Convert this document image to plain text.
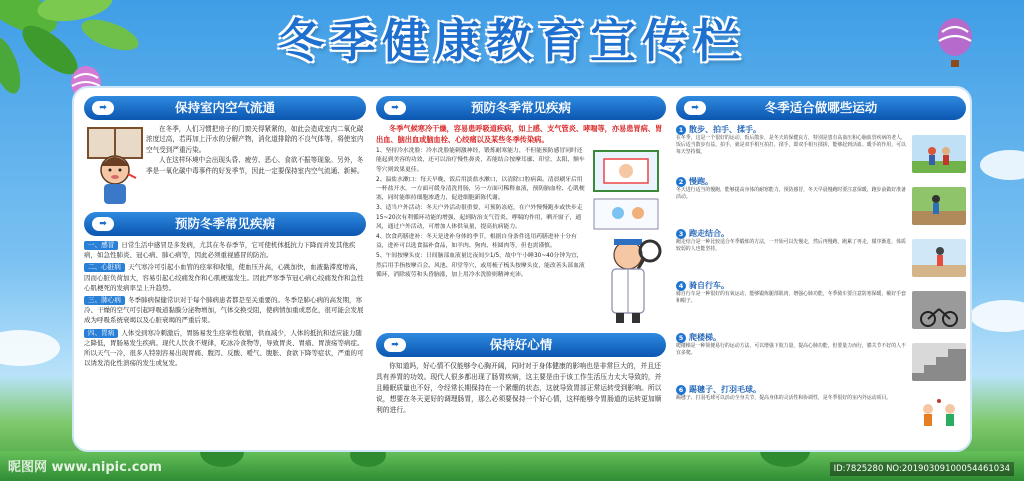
冬季健康教育宣传栏
➡	保持室内空气流通

在冬季，人们习惯把房子的门窗关得紧紧的，如此会造成室内二氧化碳浓度过高，若再加上汗水的分解产物，消化道排除的不良气体等，将使室内空气受到严重污染。

人在这样环境中会出现头昏、疲劳、恶心、食欲不振等现象。另外，冬季是一氧化碳中毒事件的好发季节，因此一定要保持室内空气流通、新鲜。

➡	预防冬季常见疾病

一、感冒 日常生活中感冒是多发病，尤其在冬春季节，它可使机体抵抗力下降而并发其他疾病，如急性肺炎、冠心病、肺心病等，因此必须重视感冒的防治。

二、心脏病 天气寒冷可引起小血管的痉挛和收缩，使血压升高，心跳加快，血液黏滞度增高，因而心脏负荷加大，容易引起心绞痛发作和心肌梗塞发生。因此严寒季节冠心病心绞痛发作和急性心肌梗死的发病率呈上升趋势。

三、肺心病 冬季肺病保健常识对于每个肺病患者都是至关重要的。冬季是肺心病的高发期，寒冷、干燥的空气可引起呼吸道黏膜分泌物增加，气体交换受阻，使病情加重或恶化，很可能会发展成为呼吸系统衰竭以及心脏衰竭的严重后果。

四、胃病 人体受到寒冷刺激后，胃肠易发生痉挛性收缩，供血减少，人体的抵抗和适应能力随之降低，胃肠易发生疾病。现代人饮食不规律，吃冰冷食物等，导致胃炎、胃痛、胃溃疡等病症。所以天气一冷，很多人特别容易出现胃痛、腹泻、反酸、嗳气、腹胀、食欲下降等症状，严重的可以诱发消化性溃疡的发生或复发。

➡	预防冬季常见疾病

冬季气候寒冷干燥，容易患呼吸道疾病，如上感、支气管炎、哮喘等，亦易患胃病、胃出血、脑出血或脑血栓、心绞痛以及某些冬季传染病。

1、坚持冷水洗脸：冷水洗脸能刺激神经，锻炼耐寒能力，不但能预防感冒同时还能起到美容的功效，还可以治疗慢性鼻炎，若能结合按摩耳廓、印堂、太阳、额车等穴则效果更佳。

2、温盐水漱口：每天早晚、饭后用淡盐水漱口，以清除口腔病菌。清晨刷牙后用一杯盐开水，一方面可缓身清洗胃肠，另一方面可稀释血液，预防脑血栓、心肌梗塞，同时能维持细胞渗透力，促进细胞新陈代谢。

3、适当户外活动：冬天户外活动很重要，可预防冻疮，在户外慢慢跑步或快步走15~20次有利循环功能的增强，起到防治支气管炎、哮喘的作用，晒开窗子，通风，通过户外活动，可增加人体供氧量，提高抗病能力。

4、饮食药膳进补：冬天是进补身体的季节，根据自身条件选用药膳进补十分有益，进补可以选食温补食品，如羊肉、狗肉、桂圆肉等，但也需谨慎。

5、午间按摩头皮：日间脑部血液量比夜间少1/5，故中午小睡30~40分钟为宜，然后用手指按摩百会、风池、印堂等穴，或用梳子梳头按摩头皮，能改善头部血液循环，消除疲劳和头昏脑涨，加上用冷水洗脸则精神充沛。

➡	保持好心情

你知道吗，好心情不仅能够令心胸开阔，同时对于身体健康的影响也是非常巨大的，并且还具有养胃的功效。现代人很多都出现了肠胃疾病，这主要是由于该工作生活压力太大导致的，并且睡眠质量也不好，令经常长期保持在一个紧绷的状态，这就导致胃部正常运转受到影响。所以说，想要在冬天更好的调理肠胃，那么必须要保持一个好心情，这样能够令胃肠道的运转更加顺利的进行。

➡	冬季适合做哪些运动
1 散步、拍手、揉手。

在冬季，这是一个很好的运动，饭后散步，是冬天的保健良方，特别是患有高血压和心脑血管疾病的老人，饭后适当散步有益。拍手，就是双手相互拍打，揉手，即双手相互揉搓，能够起到活血、暖手的作用，可以每天坚持做。

2 慢跑。

冬天进行适当的慢跑，能够提高身体的耐寒能力，预防感冒，冬天早晨慢跑时要注意保暖，跑步前做好准备活动。

3 跑走结合。

跑走结合是一种比较适合冬季锻炼的方法，一开始可以先慢走，然后再慢跑，跑累了再走，循序渐进，体质较弱的人也能坚持。

4 骑自行车。

骑自行车是一种很好的有氧运动，能够锻炼腿部肌肉，增强心肺功能，冬季骑车要注意防寒保暖，戴好手套和帽子。

5 爬楼梯。

爬楼梯是一种简便易行的运动方法，可以增强下肢力量，提高心肺功能，但要量力而行，膝关节不好的人不宜多爬。

6 踢毽子、打羽毛球。

踢毽子、打羽毛球可以活动全身关节，提高身体的灵活性和协调性，是冬季很好的室内外运动项目。

昵图网 www.nipic.com	ID:7825280 NO:20190309100054461034
